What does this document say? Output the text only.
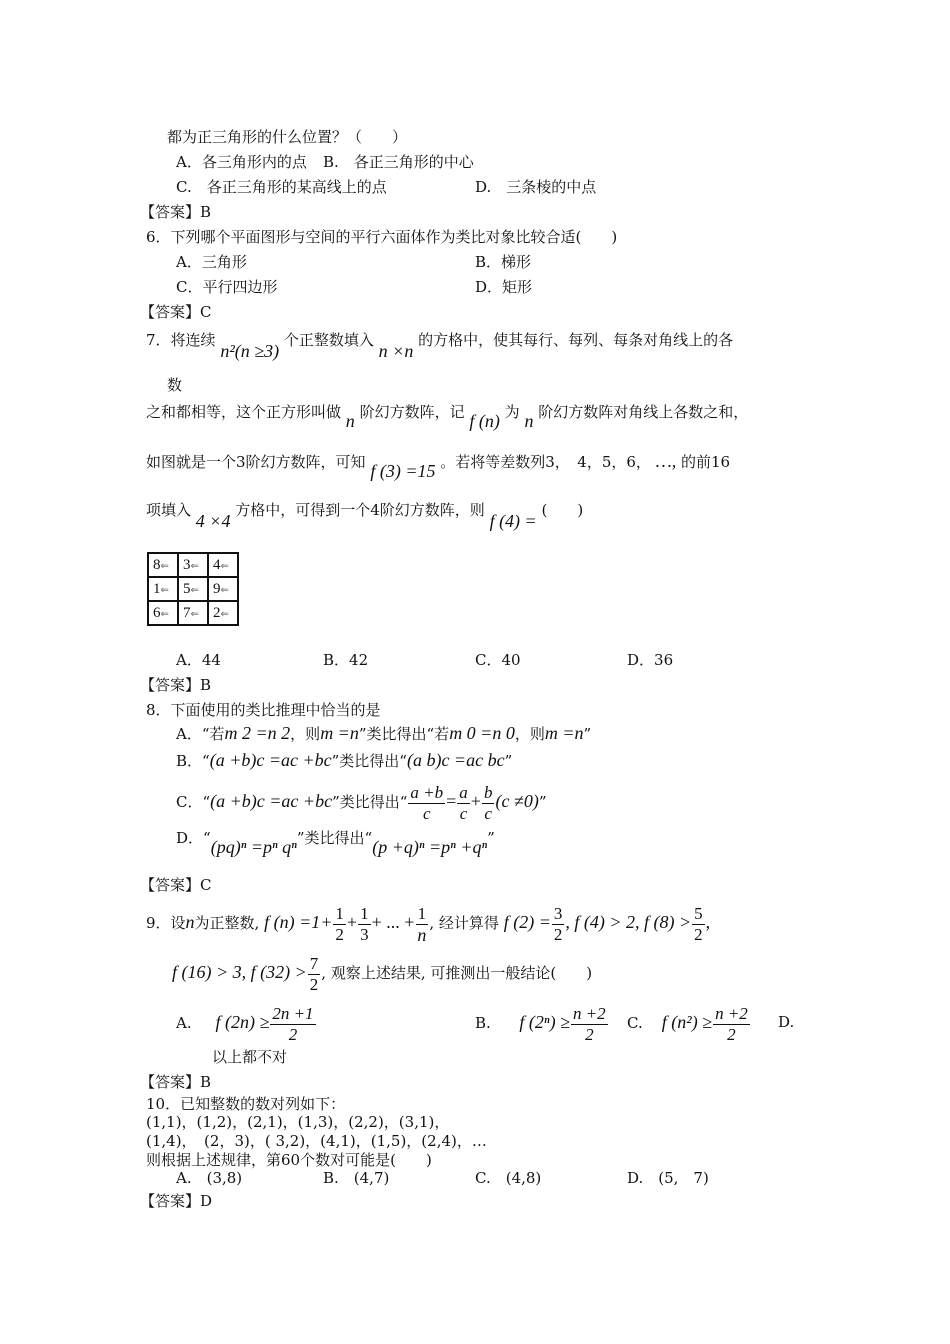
都为正三角形的什么位置？（　　）
A．各三角形内的点 B.　各正三角形的中心
C.　各正三角形的某高线上的点	D.　三条棱的中点
【答案】B
6．下列哪个平面图形与空间的平行六面体作为类比对象比较合适(　　)
A．三角形	B．梯形
C．平行四边形	D．矩形
【答案】C
7．将连续 n²(n ≥3) 个正整数填入 n ×n 的方格中，使其每行、每列、每条对角线上的各
数
之和都相等，这个正方形叫做 n 阶幻方数阵，记 f (n) 为 n 阶幻方数阵对角线上各数之和，
如图就是一个3阶幻方数阵，可知 f (3) =15 。若将等差数列3，　4，5，6， …, 的前16
项填入 4 ×4 方格中，可得到一个4阶幻方数阵，则 f (4) = (　　)
8⇐	3⇐	4⇐
1⇐	5⇐	9⇐
6⇐	7⇐	2⇐
A．44	B．42	C．40	D．36
【答案】B
8．下面使用的类比推理中恰当的是
A．“若m 2 =n 2，则m =n”类比得出“若m 0 =n 0，则m =n”
B．“(a +b)c =ac +bc”类比得出“(a b)c =ac bc”
C．“(a +b)c =ac +bc”类比得出“ $\frac{a +b}{c} = \frac{a}{c} + \frac{b}{c} (c \ne 0)$”
D．“(pq)ⁿ =pⁿ qⁿ”类比得出“(p +q)ⁿ =pⁿ +qⁿ”
【答案】C
9．设n为正整数, f $(n) =1+ \frac{1}{2} + \frac{1}{3}$ + ... + $\frac{1}{n}$ , 经计算得 f $(2) = \frac{3}{2}$ , f (4) > 2, f $(8) > \frac{5}{2}$ ,
f (16) > 3, f $(32) > \frac{7}{2}$ , 观察上述结果, 可推测出一般结论(　　)
A. f $(2n) \ge \frac{2n +1}{2}$	B. f $(2^n) \ge \frac{n +2}{2} C$. f $(n^2) \ge \frac{n +2}{2} D$.
以上都不对
【答案】B
10．已知整数的数对列如下：
(1,1)，(1,2)，(2,1)，(1,3)，(2,2)，(3,1)，
(1,4)，　(2，3)，( 3,2)，(4,1)，(1,5)，(2,4)，…
则根据上述规律，第60个数对可能是(　　)
A.　(3,8)	B.　(4,7)	C.　(4,8)	D.　(5,　7)
【答案】D
